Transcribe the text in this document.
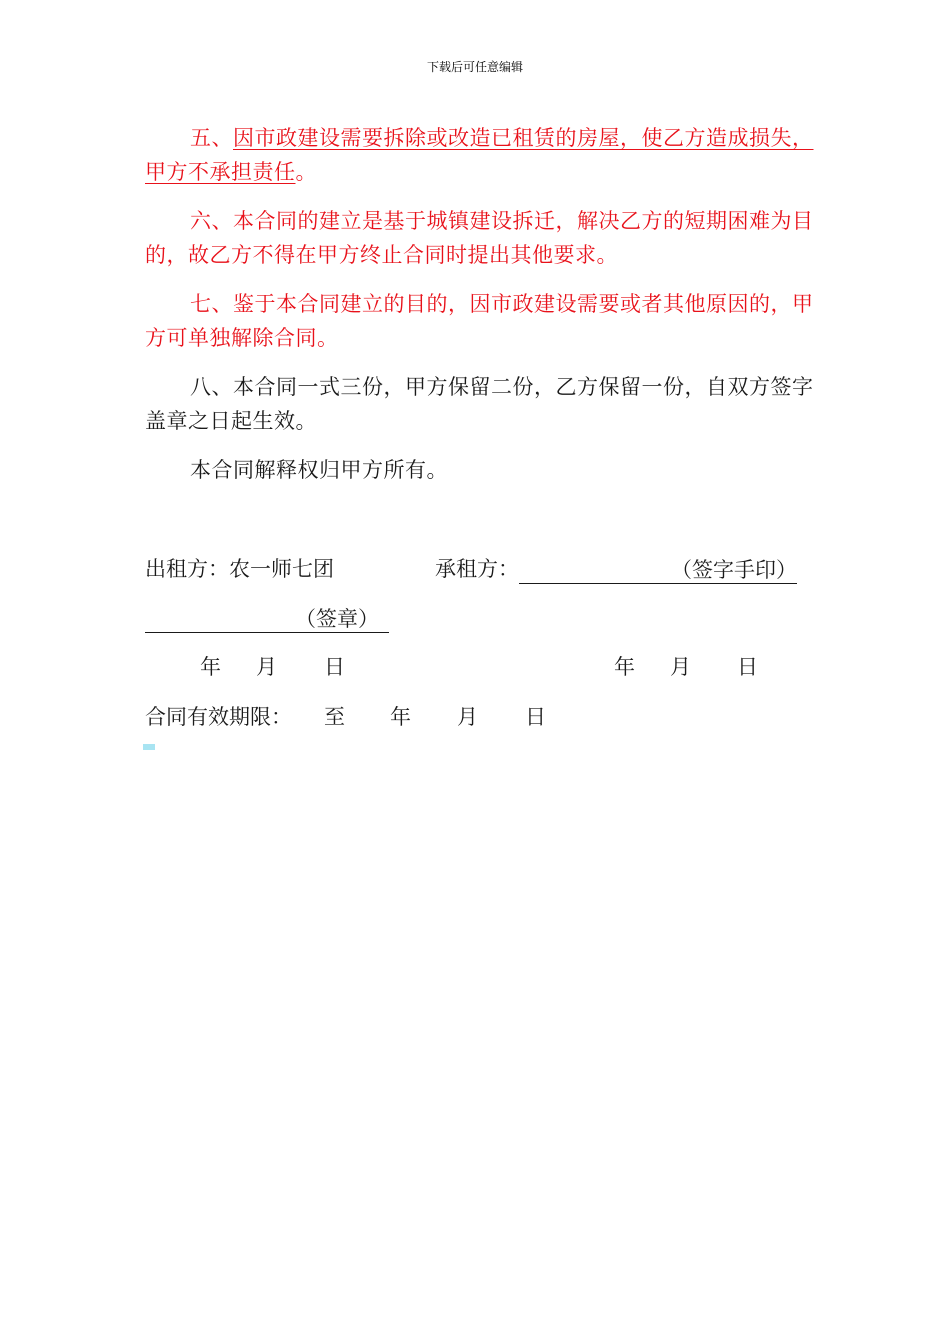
下载后可任意编辑

五、因市政建设需要拆除或改造已租赁的房屋，使乙方造成损失，甲方不承担责任。

六、本合同的建立是基于城镇建设拆迁，解决乙方的短期困难为目的，故乙方不得在甲方终止合同时提出其他要求。

七、鉴于本合同建立的目的，因市政建设需要或者其他原因的，甲方可单独解除合同。

八、本合同一式三份，甲方保留二份，乙方保留一份，自双方签字盖章之日起生效。

本合同解释权归甲方所有。

出租方：农一师七团	承租方：	（签字手印）
（签章）
年 月 日	年 月 日
合同有效期限： 至 年 月 日
